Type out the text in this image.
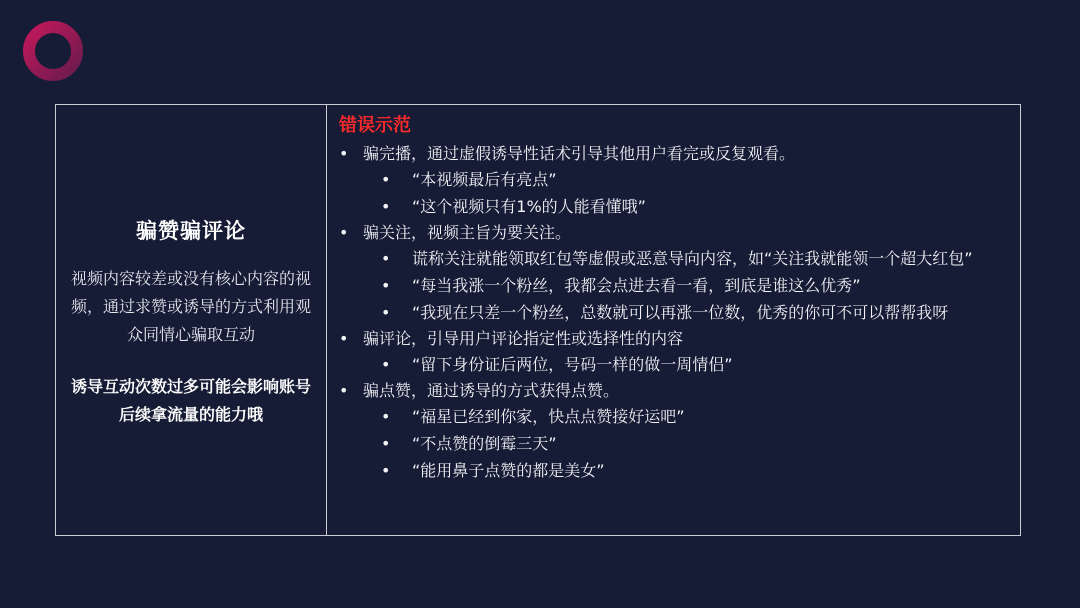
骗赞骗评论
视频内容较差或没有核心内容的视频，通过求赞或诱导的方式利用观众同情心骗取互动
诱导互动次数过多可能会影响账号后续拿流量的能力哦
错误示范
• 骗完播，通过虚假诱导性话术引导其他用户看完或反复观看。
• “本视频最后有亮点”
• “这个视频只有1%的人能看懂哦”
• 骗关注，视频主旨为要关注。
• 谎称关注就能领取红包等虚假或恶意导向内容，如“关注我就能领一个超大红包”
• “每当我涨一个粉丝，我都会点进去看一看，到底是谁这么优秀”
• “我现在只差一个粉丝，总数就可以再涨一位数，优秀的你可不可以帮帮我呀
• 骗评论，引导用户评论指定性或选择性的内容
• “留下身份证后两位，号码一样的做一周情侣”
• 骗点赞，通过诱导的方式获得点赞。
• “福星已经到你家，快点点赞接好运吧”
• “不点赞的倒霉三天”
• “能用鼻子点赞的都是美女”
